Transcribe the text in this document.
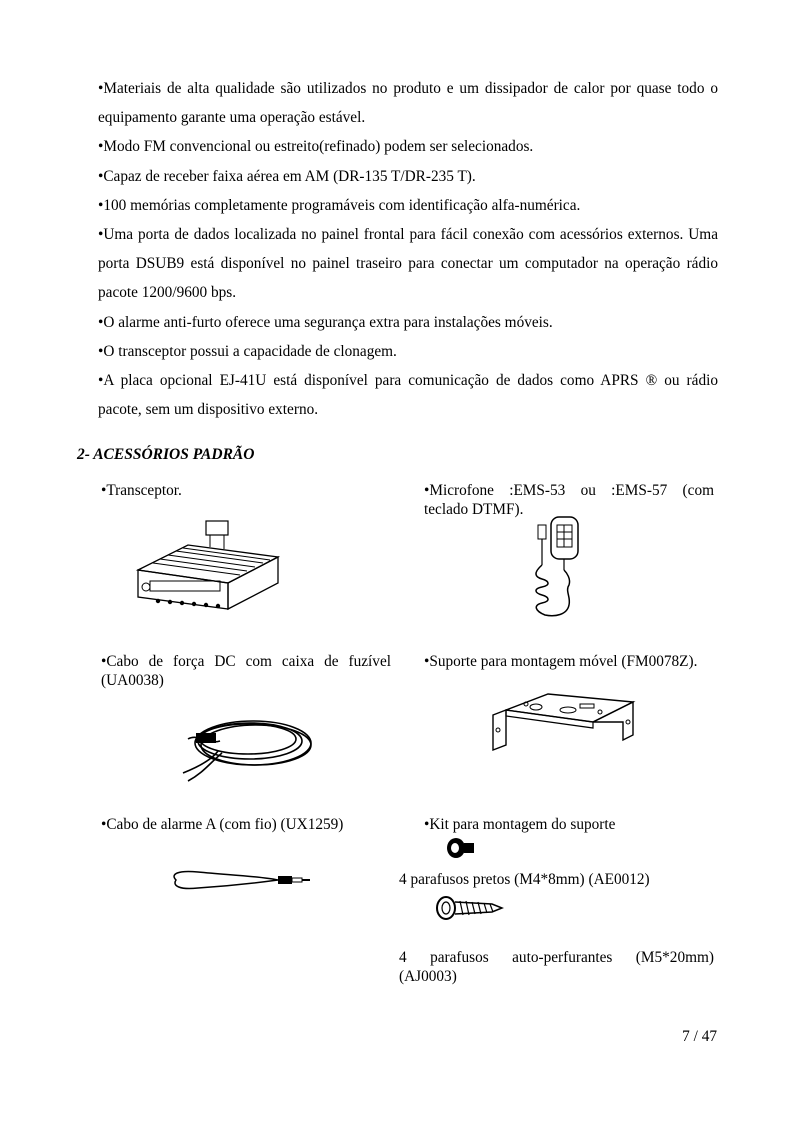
•Materiais de alta qualidade são utilizados no produto e um dissipador de calor por quase todo o equipamento garante uma operação estável.

•Modo FM convencional ou estreito(refinado) podem ser selecionados.

•Capaz de receber faixa aérea em AM (DR-135 T/DR-235 T).

•100 memórias completamente programáveis com identificação alfa-numérica.

•Uma porta de dados localizada no painel frontal para fácil conexão com acessórios externos. Uma porta DSUB9 está disponível no painel traseiro para conectar um computador na operação rádio pacote 1200/9600 bps.

•O alarme anti-furto oferece uma segurança extra para instalações móveis.

•O transceptor possui a capacidade de clonagem.

•A placa opcional EJ-41U está disponível para comunicação de dados como APRS ® ou rádio pacote, sem um dispositivo externo.

2- ACESSÓRIOS PADRÃO
•Transceptor.	•Microfone :EMS-53 ou :EMS-57 (com teclado DTMF).
•Cabo de força DC com caixa de fuzível (UA0038)
•Suporte para montagem móvel (FM0078Z).
•Cabo de alarme A (com fio) (UX1259)	•Kit para montagem do suporte
4 parafusos pretos (M4*8mm) (AE0012)
4 parafusos auto-perfurantes (M5*20mm) (AJ0003)
7 / 47
